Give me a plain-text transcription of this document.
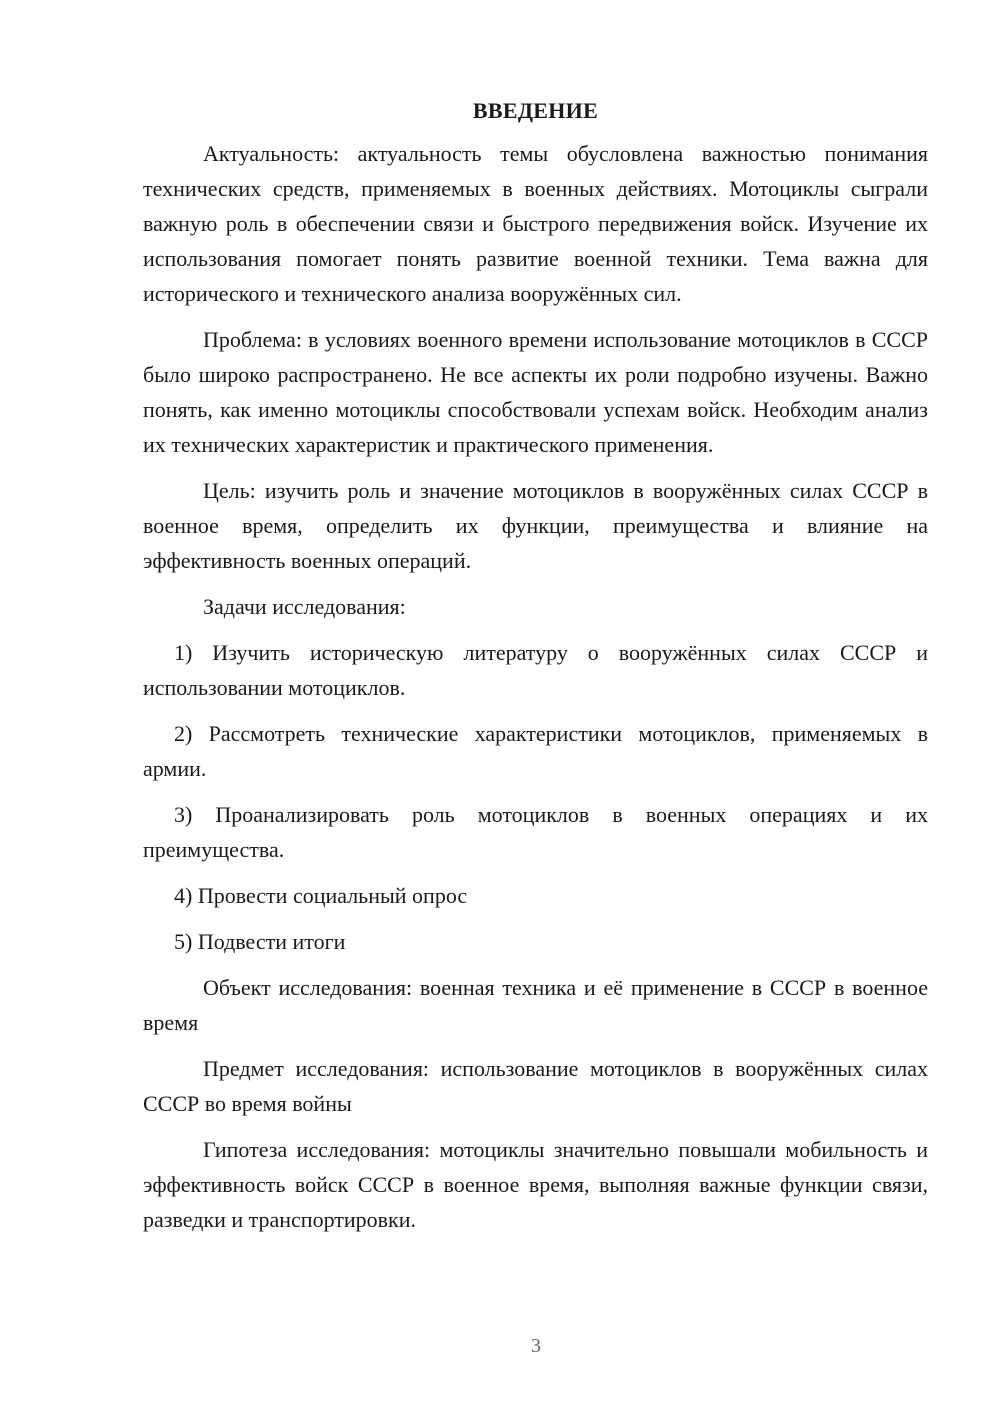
ВВЕДЕНИЕ

Актуальность: актуальность темы обусловлена важностью понимания технических средств, применяемых в военных действиях. Мотоциклы сыграли важную роль в обеспечении связи и быстрого передвижения войск. Изучение их использования помогает понять развитие военной техники. Тема важна для исторического и технического анализа вооружённых сил.

Проблема: в условиях военного времени использование мотоциклов в СССР было широко распространено. Не все аспекты их роли подробно изучены. Важно понять, как именно мотоциклы способствовали успехам войск. Необходим анализ их технических характеристик и практического применения.

Цель: изучить роль и значение мотоциклов в вооружённых силах СССР в военное время, определить их функции, преимущества и влияние на эффективность военных операций.

Задачи исследования:

1) Изучить историческую литературу о вооружённых силах СССР и использовании мотоциклов.

2) Рассмотреть технические характеристики мотоциклов, применяемых в армии.

3) Проанализировать роль мотоциклов в военных операциях и их преимущества.

4) Провести социальный опрос

5) Подвести итоги

Объект исследования: военная техника и её применение в СССР в военное время

Предмет исследования: использование мотоциклов в вооружённых силах СССР во время войны

Гипотеза исследования: мотоциклы значительно повышали мобильность и эффективность войск СССР в военное время, выполняя важные функции связи, разведки и транспортировки.

3
